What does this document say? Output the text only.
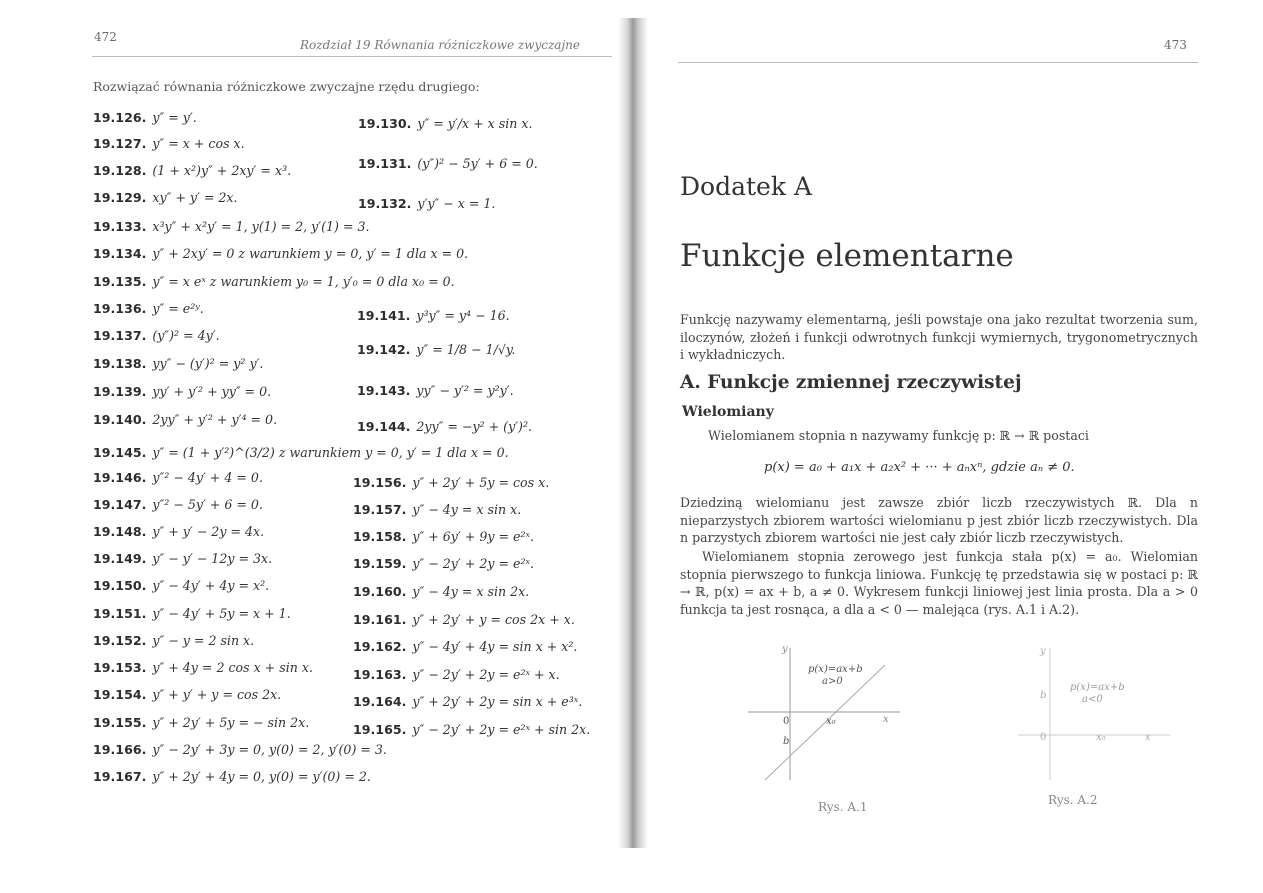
472
Rozdział 19 Równania różniczkowe zwyczajne
Rozwiązać równania różniczkowe zwyczajne rzędu drugiego:
19.126. y″ = y′.
19.127. y″ = x + cos x.
19.128. (1 + x²)y″ + 2xy′ = x³.
19.129. xy″ + y′ = 2x.
19.130. y″ = y′/x + x sin x.
19.131. (y″)² − 5y′ + 6 = 0.
19.132. y′y″ − x = 1.
19.133. x³y″ + x²y′ = 1, y(1) = 2, y′(1) = 3.
19.134. y″ + 2xy′ = 0 z warunkiem y = 0, y′ = 1 dla x = 0.
19.135. y″ = x eˣ z warunkiem y₀ = 1, y′₀ = 0 dla x₀ = 0.
19.136. y″ = e²ʸ.
19.137. (y″)² = 4y′.
19.138. yy″ − (y′)² = y² y′.
19.139. yy′ + y′² + yy″ = 0.
19.140. 2yy″ + y′² + y′⁴ = 0.
19.141. y³y″ = y⁴ − 16.
19.142. y″ = 1/8 − 1/√y.
19.143. yy″ − y′² = y²y′.
19.144. 2yy″ = −y² + (y′)².
19.145. y″ = (1 + y′²)^(3/2) z warunkiem y = 0, y′ = 1 dla x = 0.
19.146. y″² − 4y′ + 4 = 0.
19.147. y″² − 5y′ + 6 = 0.
19.148. y″ + y′ − 2y = 4x.
19.149. y″ − y′ − 12y = 3x.
19.150. y″ − 4y′ + 4y = x².
19.151. y″ − 4y′ + 5y = x + 1.
19.152. y″ − y = 2 sin x.
19.153. y″ + 4y = 2 cos x + sin x.
19.154. y″ + y′ + y = cos 2x.
19.155. y″ + 2y′ + 5y = − sin 2x.
19.156. y″ + 2y′ + 5y = cos x.
19.157. y″ − 4y = x sin x.
19.158. y″ + 6y′ + 9y = e²ˣ.
19.159. y″ − 2y′ + 2y = e²ˣ.
19.160. y″ − 4y = x sin 2x.
19.161. y″ + 2y′ + y = cos 2x + x.
19.162. y″ − 4y′ + 4y = sin x + x².
19.163. y″ − 2y′ + 2y = e²ˣ + x.
19.164. y″ + 2y′ + 2y = sin x + e³ˣ.
19.165. y″ − 2y′ + 2y = e²ˣ + sin 2x.
19.166. y″ − 2y′ + 3y = 0, y(0) = 2, y′(0) = 3.
19.167. y″ + 2y′ + 4y = 0, y(0) = y′(0) = 2.
473
Dodatek A
Funkcje elementarne
Funkcję nazywamy elementarną, jeśli powstaje ona jako rezultat tworzenia sum, iloczynów, złożeń i funkcji odwrotnych funkcji wymiernych, trygonometrycznych i wykładniczych.
A. Funkcje zmiennej rzeczywistej
Wielomiany
Wielomianem stopnia n nazywamy funkcję p: ℝ → ℝ postaci
p(x) = a₀ + a₁x + a₂x² + ··· + aₙxⁿ, gdzie aₙ ≠ 0.
Dziedziną wielomianu jest zawsze zbiór liczb rzeczywistych ℝ. Dla n nieparzystych zbiorem wartości wielomianu p jest zbiór liczb rzeczywistych. Dla n parzystych zbiorem wartości nie jest cały zbiór liczb rzeczywistych.
Wielomianem stopnia zerowego jest funkcja stała p(x) = a₀. Wielomian stopnia pierwszego to funkcja liniowa. Funkcję tę przedstawia się w postaci p: ℝ → ℝ, p(x) = ax + b, a ≠ 0. Wykresem funkcji liniowej jest linia prosta. Dla a > 0 funkcja ta jest rosnąca, a dla a < 0 — malejąca (rys. A.1 i A.2).
y
x
0	x₀
b
p(x)=ax+b
a>0
Rys. A.1
y
x
0	x₀
b
p(x)=ax+b
a<0
Rys. A.2
